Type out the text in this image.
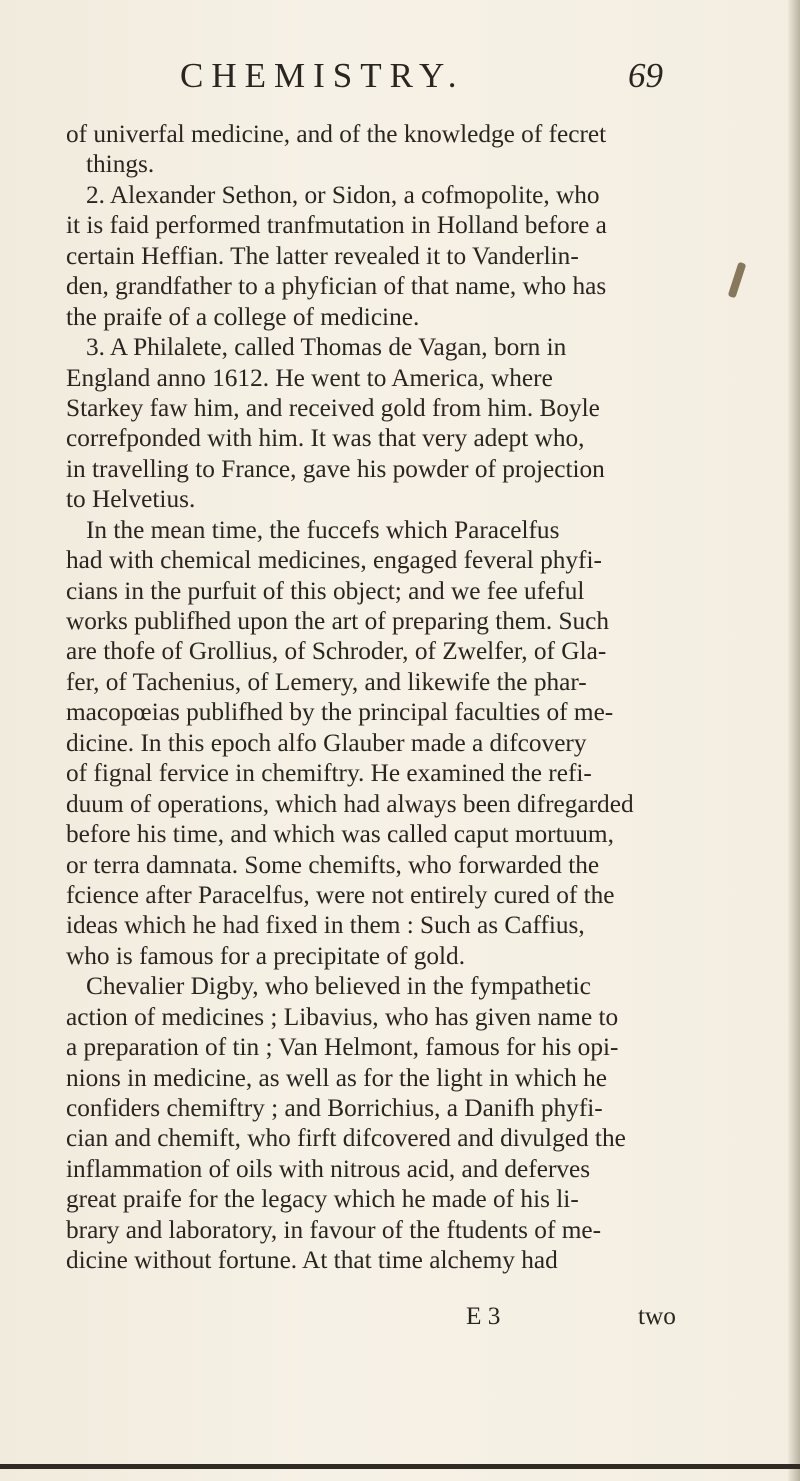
CHEMISTRY.	69
of univerfal medicine, and of the knowledge of fecret
things.
2. Alexander Sethon, or Sidon, a cofmopolite, who
it is faid performed tranfmutation in Holland before a
certain Heffian. The latter revealed it to Vanderlin-
den, grandfather to a phyfician of that name, who has
the praife of a college of medicine.
3. A Philalete, called Thomas de Vagan, born in
England anno 1612. He went to America, where
Starkey faw him, and received gold from him. Boyle
correfponded with him. It was that very adept who,
in travelling to France, gave his powder of projection
to Helvetius.
In the mean time, the fuccefs which Paracelfus
had with chemical medicines, engaged feveral phyfi-
cians in the purfuit of this object; and we fee ufeful
works publifhed upon the art of preparing them. Such
are thofe of Grollius, of Schroder, of Zwelfer, of Gla-
fer, of Tachenius, of Lemery, and likewife the phar-
macopœias publifhed by the principal faculties of me-
dicine. In this epoch alfo Glauber made a difcovery
of fignal fervice in chemiftry. He examined the refi-
duum of operations, which had always been difregarded
before his time, and which was called caput mortuum,
or terra damnata. Some chemifts, who forwarded the
fcience after Paracelfus, were not entirely cured of the
ideas which he had fixed in them : Such as Caffius,
who is famous for a precipitate of gold.
Chevalier Digby, who believed in the fympathetic
action of medicines ; Libavius, who has given name to
a preparation of tin ; Van Helmont, famous for his opi-
nions in medicine, as well as for the light in which he
confiders chemiftry ; and Borrichius, a Danifh phyfi-
cian and chemift, who firft difcovered and divulged the
inflammation of oils with nitrous acid, and deferves
great praife for the legacy which he made of his li-
brary and laboratory, in favour of the ftudents of me-
dicine without fortune. At that time alchemy had
E 3	two
